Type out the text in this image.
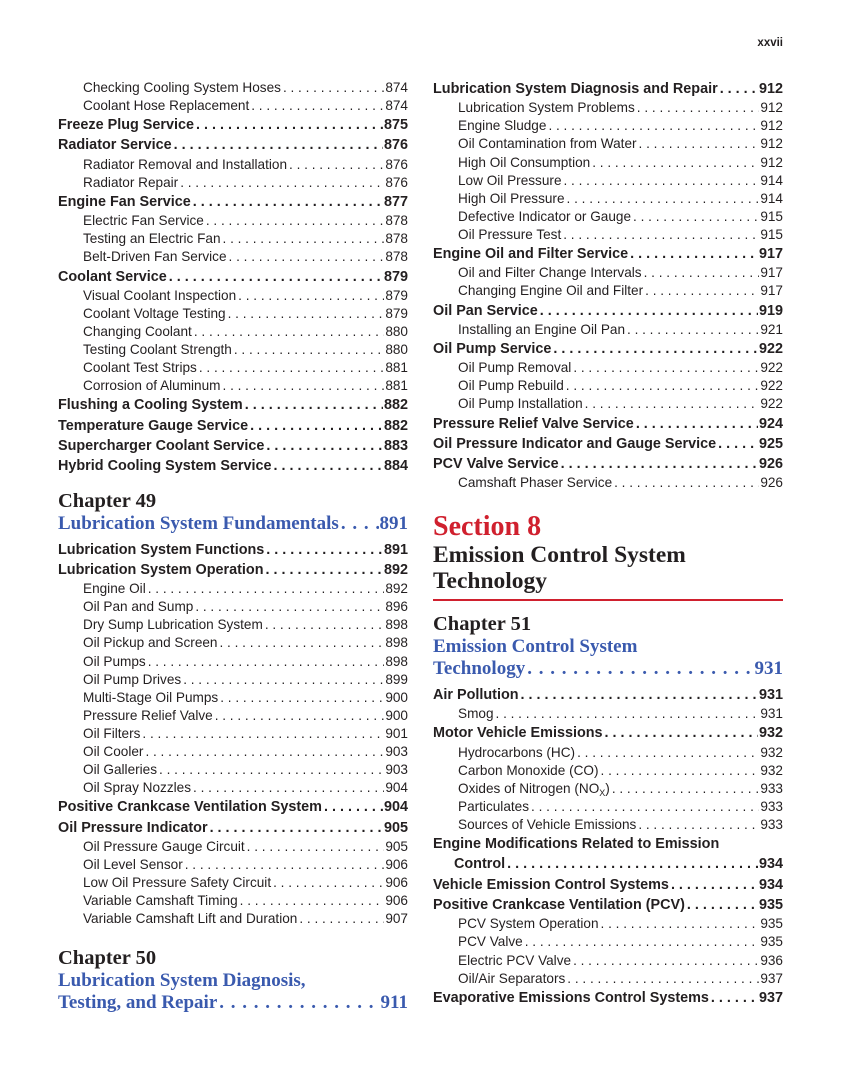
xxvii
Checking Cooling System Hoses . . .	874
Coolant Hose Replacement . . .	874
Freeze Plug Service . . .	875
Radiator Service . . .	876
Radiator Removal and Installation . . .	876
Radiator Repair . . .	876
Engine Fan Service . . .	877
Electric Fan Service . . .	878
Testing an Electric Fan . . .	878
Belt-Driven Fan Service . . .	878
Coolant Service . . .	879
Visual Coolant Inspection . . .	879
Coolant Voltage Testing . . .	879
Changing Coolant . . .	880
Testing Coolant Strength . . .	880
Coolant Test Strips . . .	881
Corrosion of Aluminum . . .	881
Flushing a Cooling System . . .	882
Temperature Gauge Service . . .	882
Supercharger Coolant Service . . .	883
Hybrid Cooling System Service . . .	884
Chapter 49
Lubrication System Fundamentals . . . 891
Lubrication System Functions . . .	891
Lubrication System Operation . . .	892
Engine Oil . . .	892
Oil Pan and Sump . . .	896
Dry Sump Lubrication System . . .	898
Oil Pickup and Screen . . .	898
Oil Pumps . . .	898
Oil Pump Drives . . .	899
Multi-Stage Oil Pumps . . .	900
Pressure Relief Valve . . .	900
Oil Filters . . .	901
Oil Cooler . . .	903
Oil Galleries . . .	903
Oil Spray Nozzles . . .	904
Positive Crankcase Ventilation System . . .	904
Oil Pressure Indicator . . .	905
Oil Pressure Gauge Circuit . . .	905
Oil Level Sensor . . .	906
Low Oil Pressure Safety Circuit . . .	906
Variable Camshaft Timing . . .	906
Variable Camshaft Lift and Duration . . .	907
Chapter 50
Lubrication System Diagnosis,
Testing, and Repair . . .	911
Lubrication System Diagnosis and Repair . . .	912
Lubrication System Problems . . .	912
Engine Sludge . . .	912
Oil Contamination from Water . . .	912
High Oil Consumption . . .	912
Low Oil Pressure . . .	914
High Oil Pressure . . .	914
Defective Indicator or Gauge . . .	915
Oil Pressure Test . . .	915
Engine Oil and Filter Service . . .	917
Oil and Filter Change Intervals . . .	917
Changing Engine Oil and Filter . . .	917
Oil Pan Service . . .	919
Installing an Engine Oil Pan . . .	921
Oil Pump Service . . .	922
Oil Pump Removal . . .	922
Oil Pump Rebuild . . .	922
Oil Pump Installation . . .	922
Pressure Relief Valve Service . . .	924
Oil Pressure Indicator and Gauge Service . . .	925
PCV Valve Service . . .	926
Camshaft Phaser Service . . .	926
Section 8
Emission Control System
Technology
Chapter 51
Emission Control System
Technology . . .	931
Air Pollution . . .	931
Smog . . .	931
Motor Vehicle Emissions . . .	932
Hydrocarbons (HC) . . .	932
Carbon Monoxide (CO) . . .	932
Oxides of Nitrogen $(NO_X)$ . . .	933
Particulates . . .	933
Sources of Vehicle Emissions . . .	933
Engine Modifications Related to Emission
Control . . .	934
Vehicle Emission Control Systems . . .	934
Positive Crankcase Ventilation (PCV) . . .	935
PCV System Operation . . .	935
PCV Valve . . .	935
Electric PCV Valve . . .	936
Oil/Air Separators . . .	937
Evaporative Emissions Control Systems . . .	937
